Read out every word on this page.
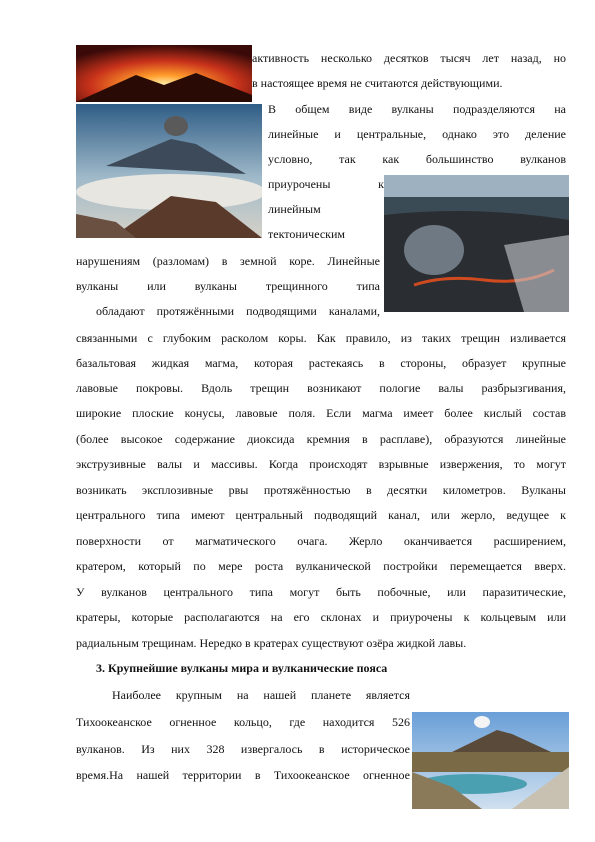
активность несколько десятков тысяч лет назад, но
в настоящее время не считаются действующими.
В общем виде вулканы подразделяются на
линейные и центральные, однако это деление
условно, так как большинство вулканов
приурочены к
линейным
тектоническим
нарушениям (разломам) в земной коре. Линейные
вулканы или вулканы трещинного типа
обладают протяжёнными подводящими каналами,
связанными с глубоким расколом коры. Как правило, из таких трещин изливается
базальтовая жидкая магма, которая растекаясь в стороны, образует крупные
лавовые покровы. Вдоль трещин возникают пологие валы разбрызгивания,
широкие плоские конусы, лавовые поля. Если магма имеет более кислый состав
(более высокое содержание диоксида кремния в расплаве), образуются линейные
экструзивные валы и массивы. Когда происходят взрывные извержения, то могут
возникать эксплозивные рвы протяжённостью в десятки километров. Вулканы
центрального типа имеют центральный подводящий канал, или жерло, ведущее к
поверхности от магматического очага. Жерло оканчивается расширением,
кратером, который по мере роста вулканической постройки перемещается вверх.
У вулканов центрального типа могут быть побочные, или паразитические,
кратеры, которые располагаются на его склонах и приурочены к кольцевым или
радиальным трещинам. Нередко в кратерах существуют озёра жидкой лавы.
3. Крупнейшие вулканы мира и вулканические пояса
Наиболее крупным на нашей планете является
Тихоокеанское огненное кольцо, где находится 526
вулканов. Из них 328 извергалось в историческое
время.На нашей территории в Тихоокеанское огненное
